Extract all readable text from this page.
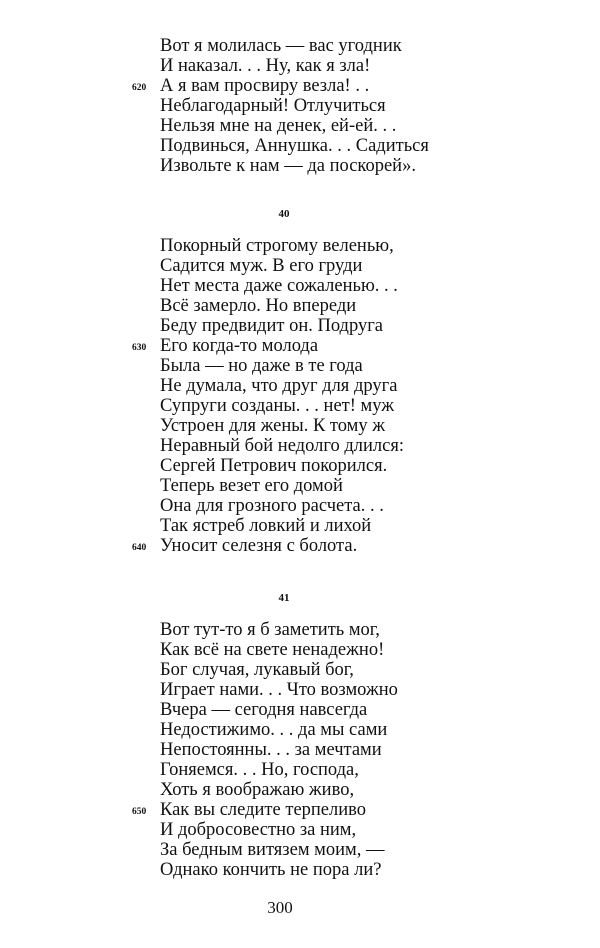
Вот я молилась — вас угодник
И наказал. . . Ну, как я зла!
620 А я вам просвиру везла! . .
Неблагодарный! Отлучиться
Нельзя мне на денек, ей-ей. . .
Подвинься, Аннушка. . . Садиться
Извольте к нам — да поскорей».
40
Покорный строгому веленью,
Садится муж. В его груди
Нет места даже сожаленью. . .
Всё замерло. Но впереди
Беду предвидит он. Подруга
630 Его когда-то молода
Была — но даже в те года
Не думала, что друг для друга
Супруги созданы. . . нет! муж
Устроен для жены. К тому ж
Неравный бой недолго длился:
Сергей Петрович покорился.
Теперь везет его домой
Она для грозного расчета. . .
Так ястреб ловкий и лихой
640 Уносит селезня с болота.
41
Вот тут-то я б заметить мог,
Как всё на свете ненадежно!
Бог случая, лукавый бог,
Играет нами. . . Что возможно
Вчера — сегодня навсегда
Недостижимо. . . да мы сами
Непостоянны. . . за мечтами
Гоняемся. . . Но, господа,
Хоть я воображаю живо,
650 Как вы следите терпеливо
И добросовестно за ним,
За бедным витязем моим, —
Однако кончить не пора ли?
300
